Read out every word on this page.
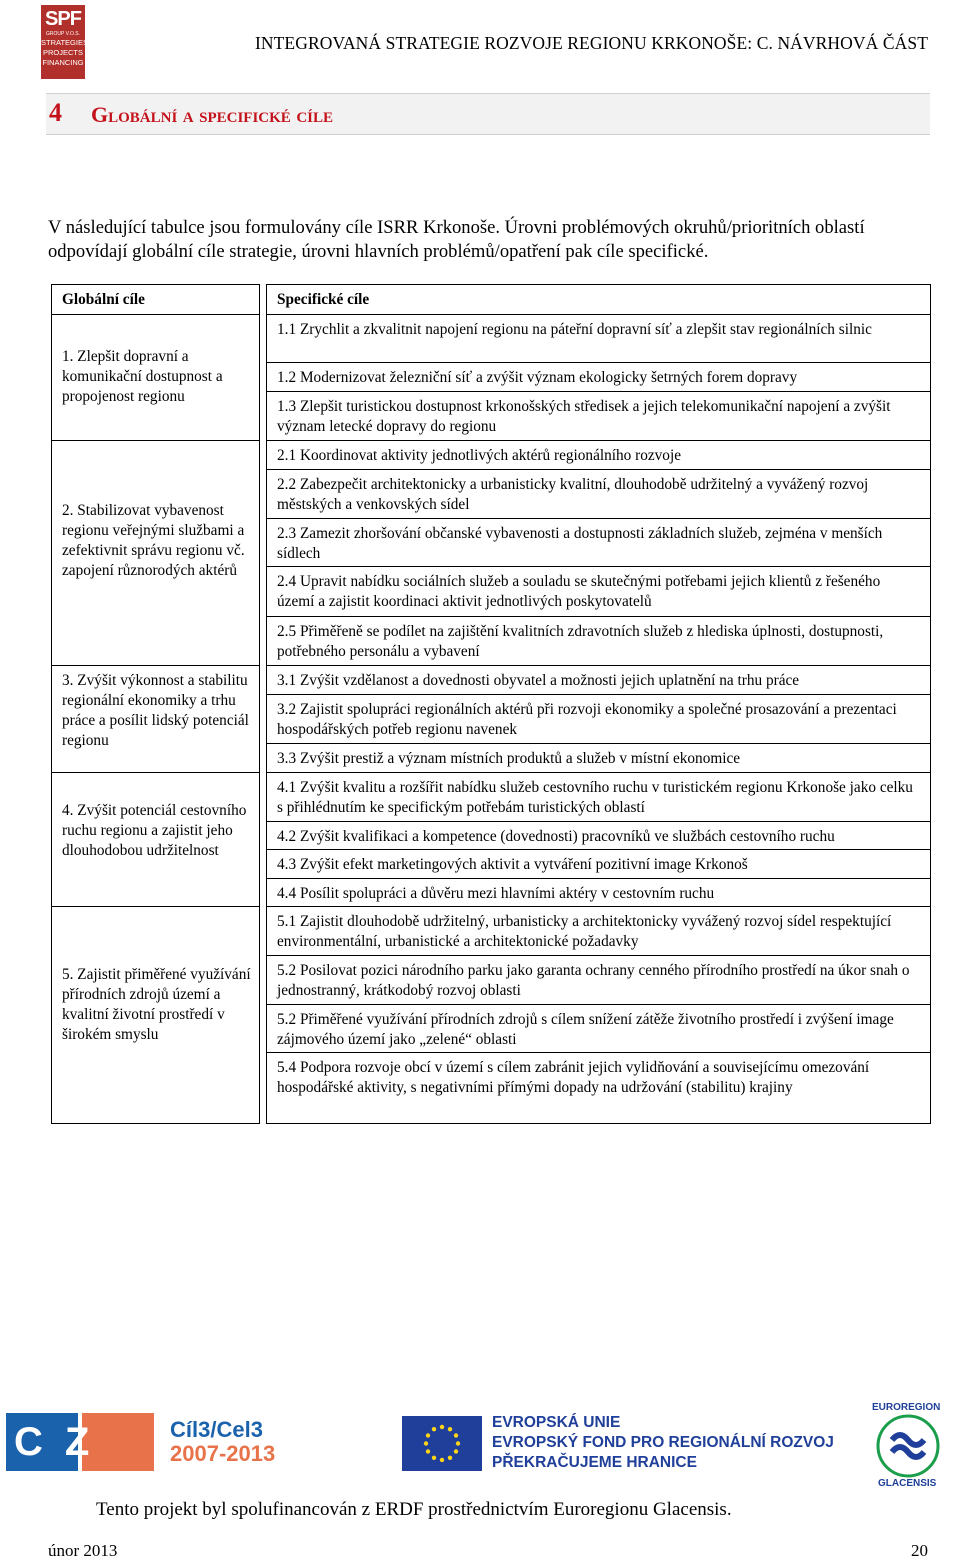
SPF
GROUP V.O.S.
STRATEGIES
PROJECTS
FINANCING
INTEGROVANÁ STRATEGIE ROZVOJE REGIONU KRKONOŠE: C. NÁVRHOVÁ ČÁST
4 Globální a specifické cíle
V následující tabulce jsou formulovány cíle ISRR Krkonoše. Úrovni problémových okruhů/prioritních oblastí odpovídají globální cíle strategie, úrovni hlavních problémů/opatření pak cíle specifické.
Globální cíle
1. Zlepšit dopravní a komunikační dostupnost a propojenost regionu
2. Stabilizovat vybavenost regionu veřejnými službami a zefektivnit správu regionu vč. zapojení různorodých aktérů
3. Zvýšit výkonnost a stabilitu regionální ekonomiky a trhu práce a posílit lidský potenciál regionu
4. Zvýšit potenciál cestovního ruchu regionu a zajistit jeho dlouhodobou udržitelnost
5. Zajistit přiměřené využívání přírodních zdrojů území a kvalitní životní prostředí v širokém smyslu
Specifické cíle
1.1 Zrychlit a zkvalitnit napojení regionu na páteřní dopravní síť a zlepšit stav regionálních silnic
1.2 Modernizovat železniční síť a zvýšit význam ekologicky šetrných forem dopravy
1.3 Zlepšit turistickou dostupnost krkonošských středisek a jejich telekomunikační napojení a zvýšit význam letecké dopravy do regionu
2.1 Koordinovat aktivity jednotlivých aktérů regionálního rozvoje
2.2 Zabezpečit architektonicky a urbanisticky kvalitní, dlouhodobě udržitelný a vyvážený rozvoj městských a venkovských sídel
2.3 Zamezit zhoršování občanské vybavenosti a dostupnosti základních služeb, zejména v menších sídlech
2.4 Upravit nabídku sociálních služeb a souladu se skutečnými potřebami jejich klientů z řešeného území a zajistit koordinaci aktivit jednotlivých poskytovatelů
2.5 Přiměřeně se podílet na zajištění kvalitních zdravotních služeb z hlediska úplnosti, dostupnosti, potřebného personálu a vybavení
3.1 Zvýšit vzdělanost a dovednosti obyvatel a možnosti jejich uplatnění na trhu práce
3.2 Zajistit spolupráci regionálních aktérů při rozvoji ekonomiky a společné prosazování a prezentaci hospodářských potřeb regionu navenek
3.3 Zvýšit prestiž a význam místních produktů a služeb v místní ekonomice
4.1 Zvýšit kvalitu a rozšířit nabídku služeb cestovního ruchu v turistickém regionu Krkonoše jako celku s přihlédnutím ke specifickým potřebám turistických oblastí
4.2 Zvýšit kvalifikaci a kompetence (dovednosti) pracovníků ve službách cestovního ruchu
4.3 Zvýšit efekt marketingových aktivit a vytváření pozitivní image Krkonoš
4.4 Posílit spolupráci a důvěru mezi hlavními aktéry v cestovním ruchu
5.1 Zajistit dlouhodobě udržitelný, urbanisticky a architektonicky vyvážený rozvoj sídel respektující environmentální, urbanistické a architektonické požadavky
5.2 Posilovat pozici národního parku jako garanta ochrany cenného přírodního prostředí na úkor snah o jednostranný, krátkodobý rozvoj oblasti
5.2 Přiměřené využívání přírodních zdrojů s cílem snížení zátěže životního prostředí i zvýšení image zájmového území jako „zelené“ oblasti
5.4 Podpora rozvoje obcí v území s cílem zabránit jejich vylidňování a souvisejícímu omezování hospodářské aktivity, s negativními přímými dopady na udržování (stabilitu) krajiny
CZ PL
Cíl3/Cel3
2007-2013
EVROPSKÁ UNIE
EVROPSKÝ FOND PRO REGIONÁLNÍ ROZVOJ
PŘEKRAČUJEME HRANICE
EUROREGION
GLACENSIS
Tento projekt byl spolufinancován z ERDF prostřednictvím Euroregionu Glacensis.
únor 2013	20
